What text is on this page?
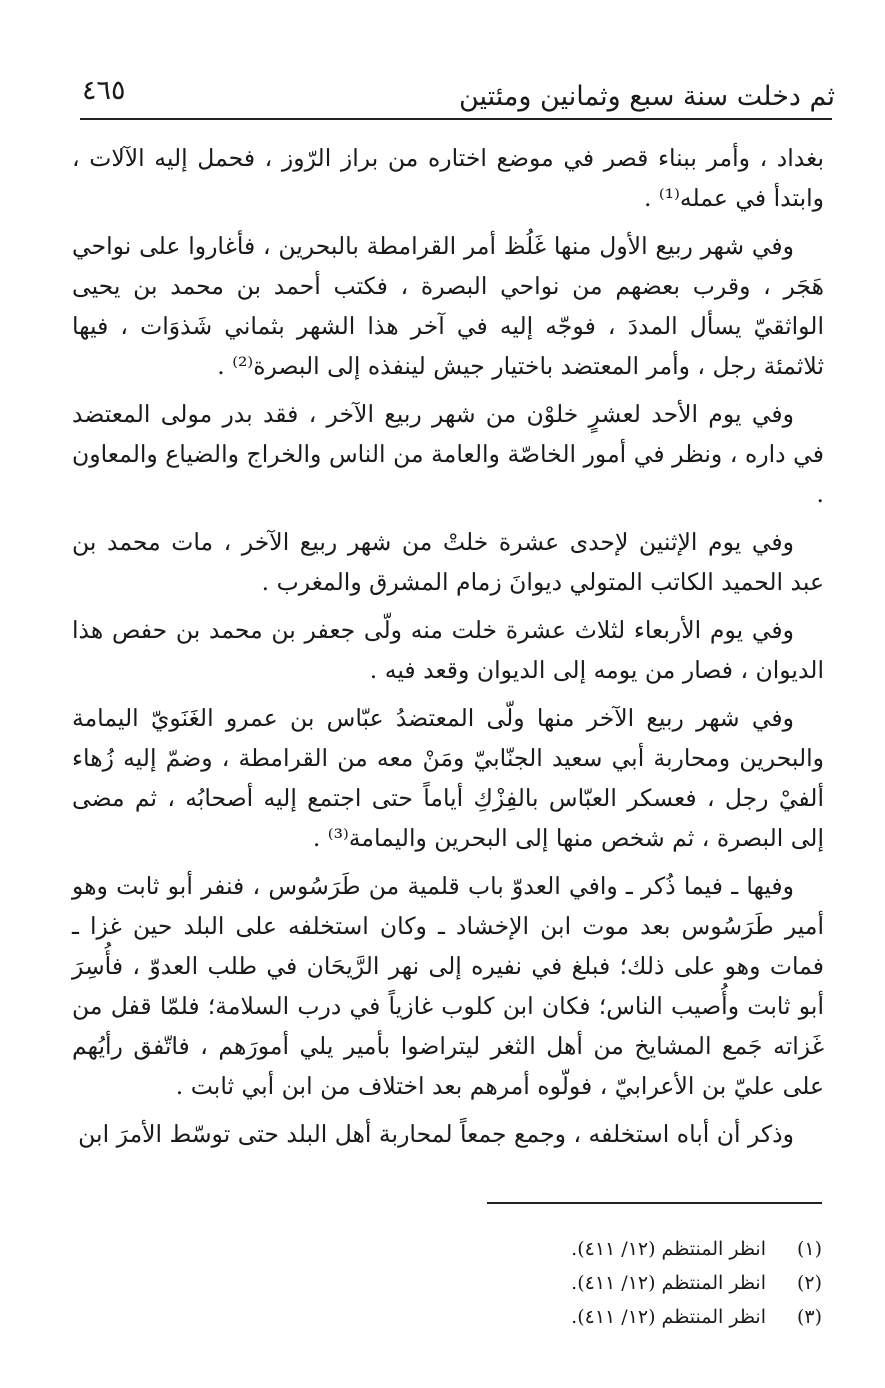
ثم دخلت سنة سبع وثمانين ومئتين
٤٦٥

بغداد ، وأمر ببناء قصر في موضع اختاره من براز الرّوز ، فحمل إليه الآلات ، وابتدأ في عمله⁽¹⁾ .

وفي شهر ربيع الأول منها غَلُظ أمر القرامطة بالبحرين ، فأغاروا على نواحي هَجَر ، وقرب بعضهم من نواحي البصرة ، فكتب أحمد بن محمد بن يحيى الواثقيّ يسأل المددَ ، فوجّه إليه في آخر هذا الشهر بثماني شَذوَات ، فيها ثلاثمئة رجل ، وأمر المعتضد باختيار جيش لينفذه إلى البصرة⁽²⁾ .

وفي يوم الأحد لعشرٍ خلوْن من شهر ربيع الآخر ، فقد بدر مولى المعتضد في داره ، ونظر في أمور الخاصّة والعامة من الناس والخراج والضياع والمعاون .

وفي يوم الإثنين لإحدى عشرة خلتْ من شهر ربيع الآخر ، مات محمد بن عبد الحميد الكاتب المتولي ديوانَ زمام المشرق والمغرب .

وفي يوم الأربعاء لثلاث عشرة خلت منه ولّى جعفر بن محمد بن حفص هذا الديوان ، فصار من يومه إلى الديوان وقعد فيه .

وفي شهر ربيع الآخر منها ولّى المعتضدُ عبّاس بن عمرو الغَنَويّ اليمامة والبحرين ومحاربة أبي سعيد الجنّابيّ ومَنْ معه من القرامطة ، وضمّ إليه زُهاء ألفيْ رجل ، فعسكر العبّاس بالفِزْكِ أياماً حتى اجتمع إليه أصحابُه ، ثم مضى إلى البصرة ، ثم شخص منها إلى البحرين واليمامة⁽³⁾ .

وفيها ـ فيما ذُكر ـ وافي العدوّ باب قلمية من طَرَسُوس ، فنفر أبو ثابت وهو أمير طَرَسُوس بعد موت ابن الإخشاد ـ وكان استخلفه على البلد حين غزا ـ فمات وهو على ذلك؛ فبلغ في نفيره إلى نهر الرَّيحَان في طلب العدوّ ، فأُسِرَ أبو ثابت وأُصيب الناس؛ فكان ابن كلوب غازياً في درب السلامة؛ فلمّا قفل من غَزاته جَمع المشايخ من أهل الثغر ليتراضوا بأمير يلي أمورَهم ، فاتّفق رأيُهم على عليّ بن الأعرابيّ ، فولّوه أمرهم بعد اختلاف من ابن أبي ثابت .

وذكر أن أباه استخلفه ، وجمع جمعاً لمحاربة أهل البلد حتى توسّط الأمرَ ابن

(١)
انظر المنتظم (١٢/ ٤١١).
(٢)
انظر المنتظم (١٢/ ٤١١).
(٣)
انظر المنتظم (١٢/ ٤١١).
